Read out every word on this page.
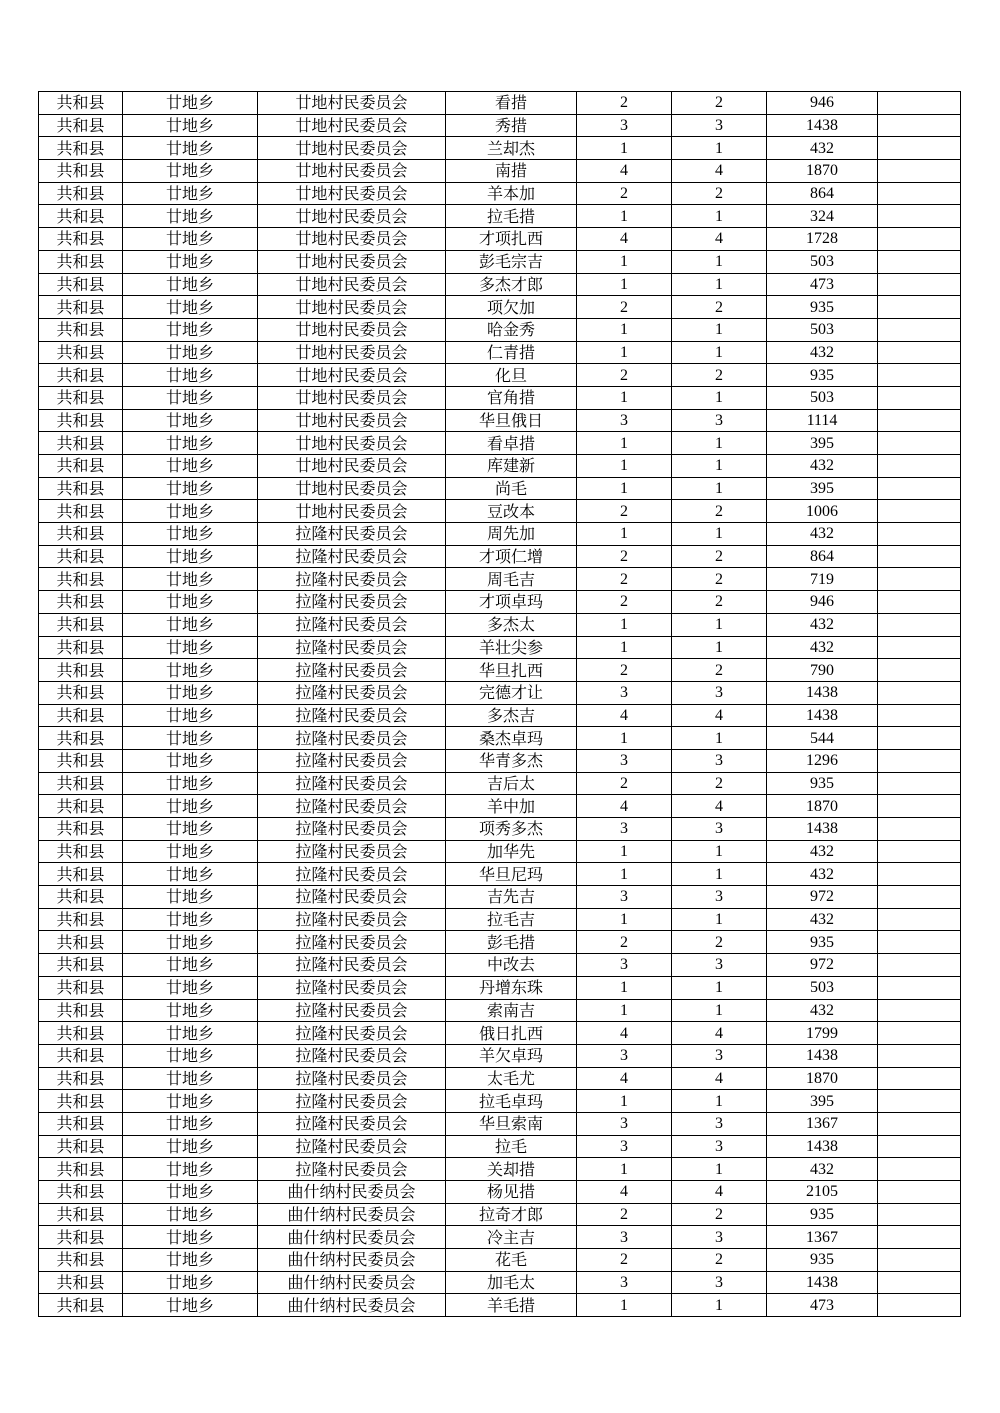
共和县	廿地乡	廿地村民委员会	看措	2	2	946	
共和县	廿地乡	廿地村民委员会	秀措	3	3	1438	
共和县	廿地乡	廿地村民委员会	兰却杰	1	1	432	
共和县	廿地乡	廿地村民委员会	南措	4	4	1870	
共和县	廿地乡	廿地村民委员会	羊本加	2	2	864	
共和县	廿地乡	廿地村民委员会	拉毛措	1	1	324	
共和县	廿地乡	廿地村民委员会	才项扎西	4	4	1728	
共和县	廿地乡	廿地村民委员会	彭毛宗吉	1	1	503	
共和县	廿地乡	廿地村民委员会	多杰才郎	1	1	473	
共和县	廿地乡	廿地村民委员会	项欠加	2	2	935	
共和县	廿地乡	廿地村民委员会	哈金秀	1	1	503	
共和县	廿地乡	廿地村民委员会	仁青措	1	1	432	
共和县	廿地乡	廿地村民委员会	化旦	2	2	935	
共和县	廿地乡	廿地村民委员会	官角措	1	1	503	
共和县	廿地乡	廿地村民委员会	华旦俄日	3	3	1114	
共和县	廿地乡	廿地村民委员会	看卓措	1	1	395	
共和县	廿地乡	廿地村民委员会	库建新	1	1	432	
共和县	廿地乡	廿地村民委员会	尚毛	1	1	395	
共和县	廿地乡	廿地村民委员会	豆改本	2	2	1006	
共和县	廿地乡	拉隆村民委员会	周先加	1	1	432	
共和县	廿地乡	拉隆村民委员会	才项仁增	2	2	864	
共和县	廿地乡	拉隆村民委员会	周毛吉	2	2	719	
共和县	廿地乡	拉隆村民委员会	才项卓玛	2	2	946	
共和县	廿地乡	拉隆村民委员会	多杰太	1	1	432	
共和县	廿地乡	拉隆村民委员会	羊壮尖参	1	1	432	
共和县	廿地乡	拉隆村民委员会	华旦扎西	2	2	790	
共和县	廿地乡	拉隆村民委员会	完德才让	3	3	1438	
共和县	廿地乡	拉隆村民委员会	多杰吉	4	4	1438	
共和县	廿地乡	拉隆村民委员会	桑杰卓玛	1	1	544	
共和县	廿地乡	拉隆村民委员会	华青多杰	3	3	1296	
共和县	廿地乡	拉隆村民委员会	吉后太	2	2	935	
共和县	廿地乡	拉隆村民委员会	羊中加	4	4	1870	
共和县	廿地乡	拉隆村民委员会	项秀多杰	3	3	1438	
共和县	廿地乡	拉隆村民委员会	加华先	1	1	432	
共和县	廿地乡	拉隆村民委员会	华旦尼玛	1	1	432	
共和县	廿地乡	拉隆村民委员会	吉先吉	3	3	972	
共和县	廿地乡	拉隆村民委员会	拉毛吉	1	1	432	
共和县	廿地乡	拉隆村民委员会	彭毛措	2	2	935	
共和县	廿地乡	拉隆村民委员会	中改去	3	3	972	
共和县	廿地乡	拉隆村民委员会	丹增东珠	1	1	503	
共和县	廿地乡	拉隆村民委员会	索南吉	1	1	432	
共和县	廿地乡	拉隆村民委员会	俄日扎西	4	4	1799	
共和县	廿地乡	拉隆村民委员会	羊欠卓玛	3	3	1438	
共和县	廿地乡	拉隆村民委员会	太毛尤	4	4	1870	
共和县	廿地乡	拉隆村民委员会	拉毛卓玛	1	1	395	
共和县	廿地乡	拉隆村民委员会	华旦索南	3	3	1367	
共和县	廿地乡	拉隆村民委员会	拉毛	3	3	1438	
共和县	廿地乡	拉隆村民委员会	关却措	1	1	432	
共和县	廿地乡	曲什纳村民委员会	杨见措	4	4	2105	
共和县	廿地乡	曲什纳村民委员会	拉奇才郎	2	2	935	
共和县	廿地乡	曲什纳村民委员会	冷主吉	3	3	1367	
共和县	廿地乡	曲什纳村民委员会	花毛	2	2	935	
共和县	廿地乡	曲什纳村民委员会	加毛太	3	3	1438	
共和县	廿地乡	曲什纳村民委员会	羊毛措	1	1	473	
